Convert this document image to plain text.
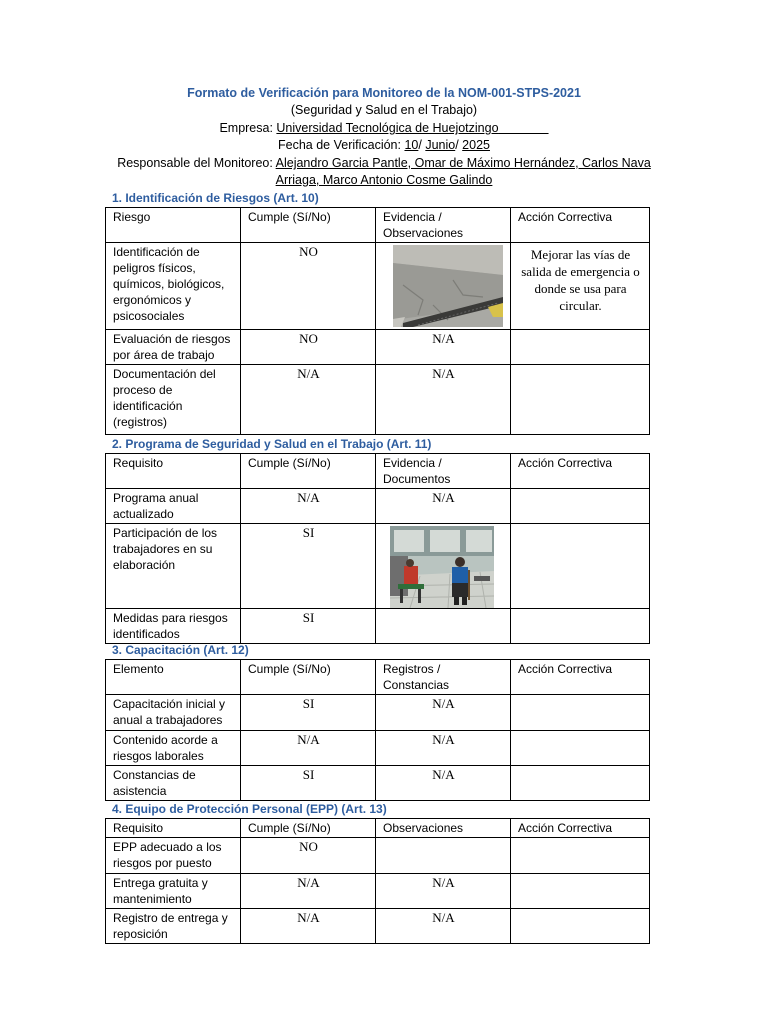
Formato de Verificación para Monitoreo de la NOM-001-STPS-2021
(Seguridad y Salud en el Trabajo)
Empresa: Universidad Tecnológica de Huejotzingo        
Fecha de Verificación: 10/ Junio/ 2025
Responsable del Monitoreo: Alejandro Garcia Pantle, Omar de Máximo Hernández, Carlos Nava
Arriaga, Marco Antonio Cosme Galindo
1. Identificación de Riesgos (Art. 10)
Riesgo	Cumple (Sí/No)	Evidencia / Observaciones	Acción Correctiva
Identificación de peligros físicos, químicos, biológicos, ergonómicos y psicosociales	NO		Mejorar las vías de salida de emergencia o donde se usa para circular.
Evaluación de riesgos por área de trabajo	NO	N/A	
Documentación del proceso de identificación (registros)	N/A	N/A	
2. Programa de Seguridad y Salud en el Trabajo (Art. 11)
Requisito	Cumple (Sí/No)	Evidencia / Documentos	Acción Correctiva
Programa anual actualizado	N/A	N/A	
Participación de los trabajadores en su elaboración	SI	

Medidas para riesgos identificados	SI		
3. Capacitación (Art. 12)
Elemento	Cumple (Sí/No)	Registros / Constancias	Acción Correctiva
Capacitación inicial y anual a trabajadores	SI	N/A	
Contenido acorde a riesgos laborales	N/A	N/A	
Constancias de asistencia	SI	N/A	
4. Equipo de Protección Personal (EPP) (Art. 13)
Requisito	Cumple (Sí/No)	Observaciones	Acción Correctiva
EPP adecuado a los riesgos por puesto	NO		
Entrega gratuita y mantenimiento	N/A	N/A	
Registro de entrega y reposición	N/A	N/A	
